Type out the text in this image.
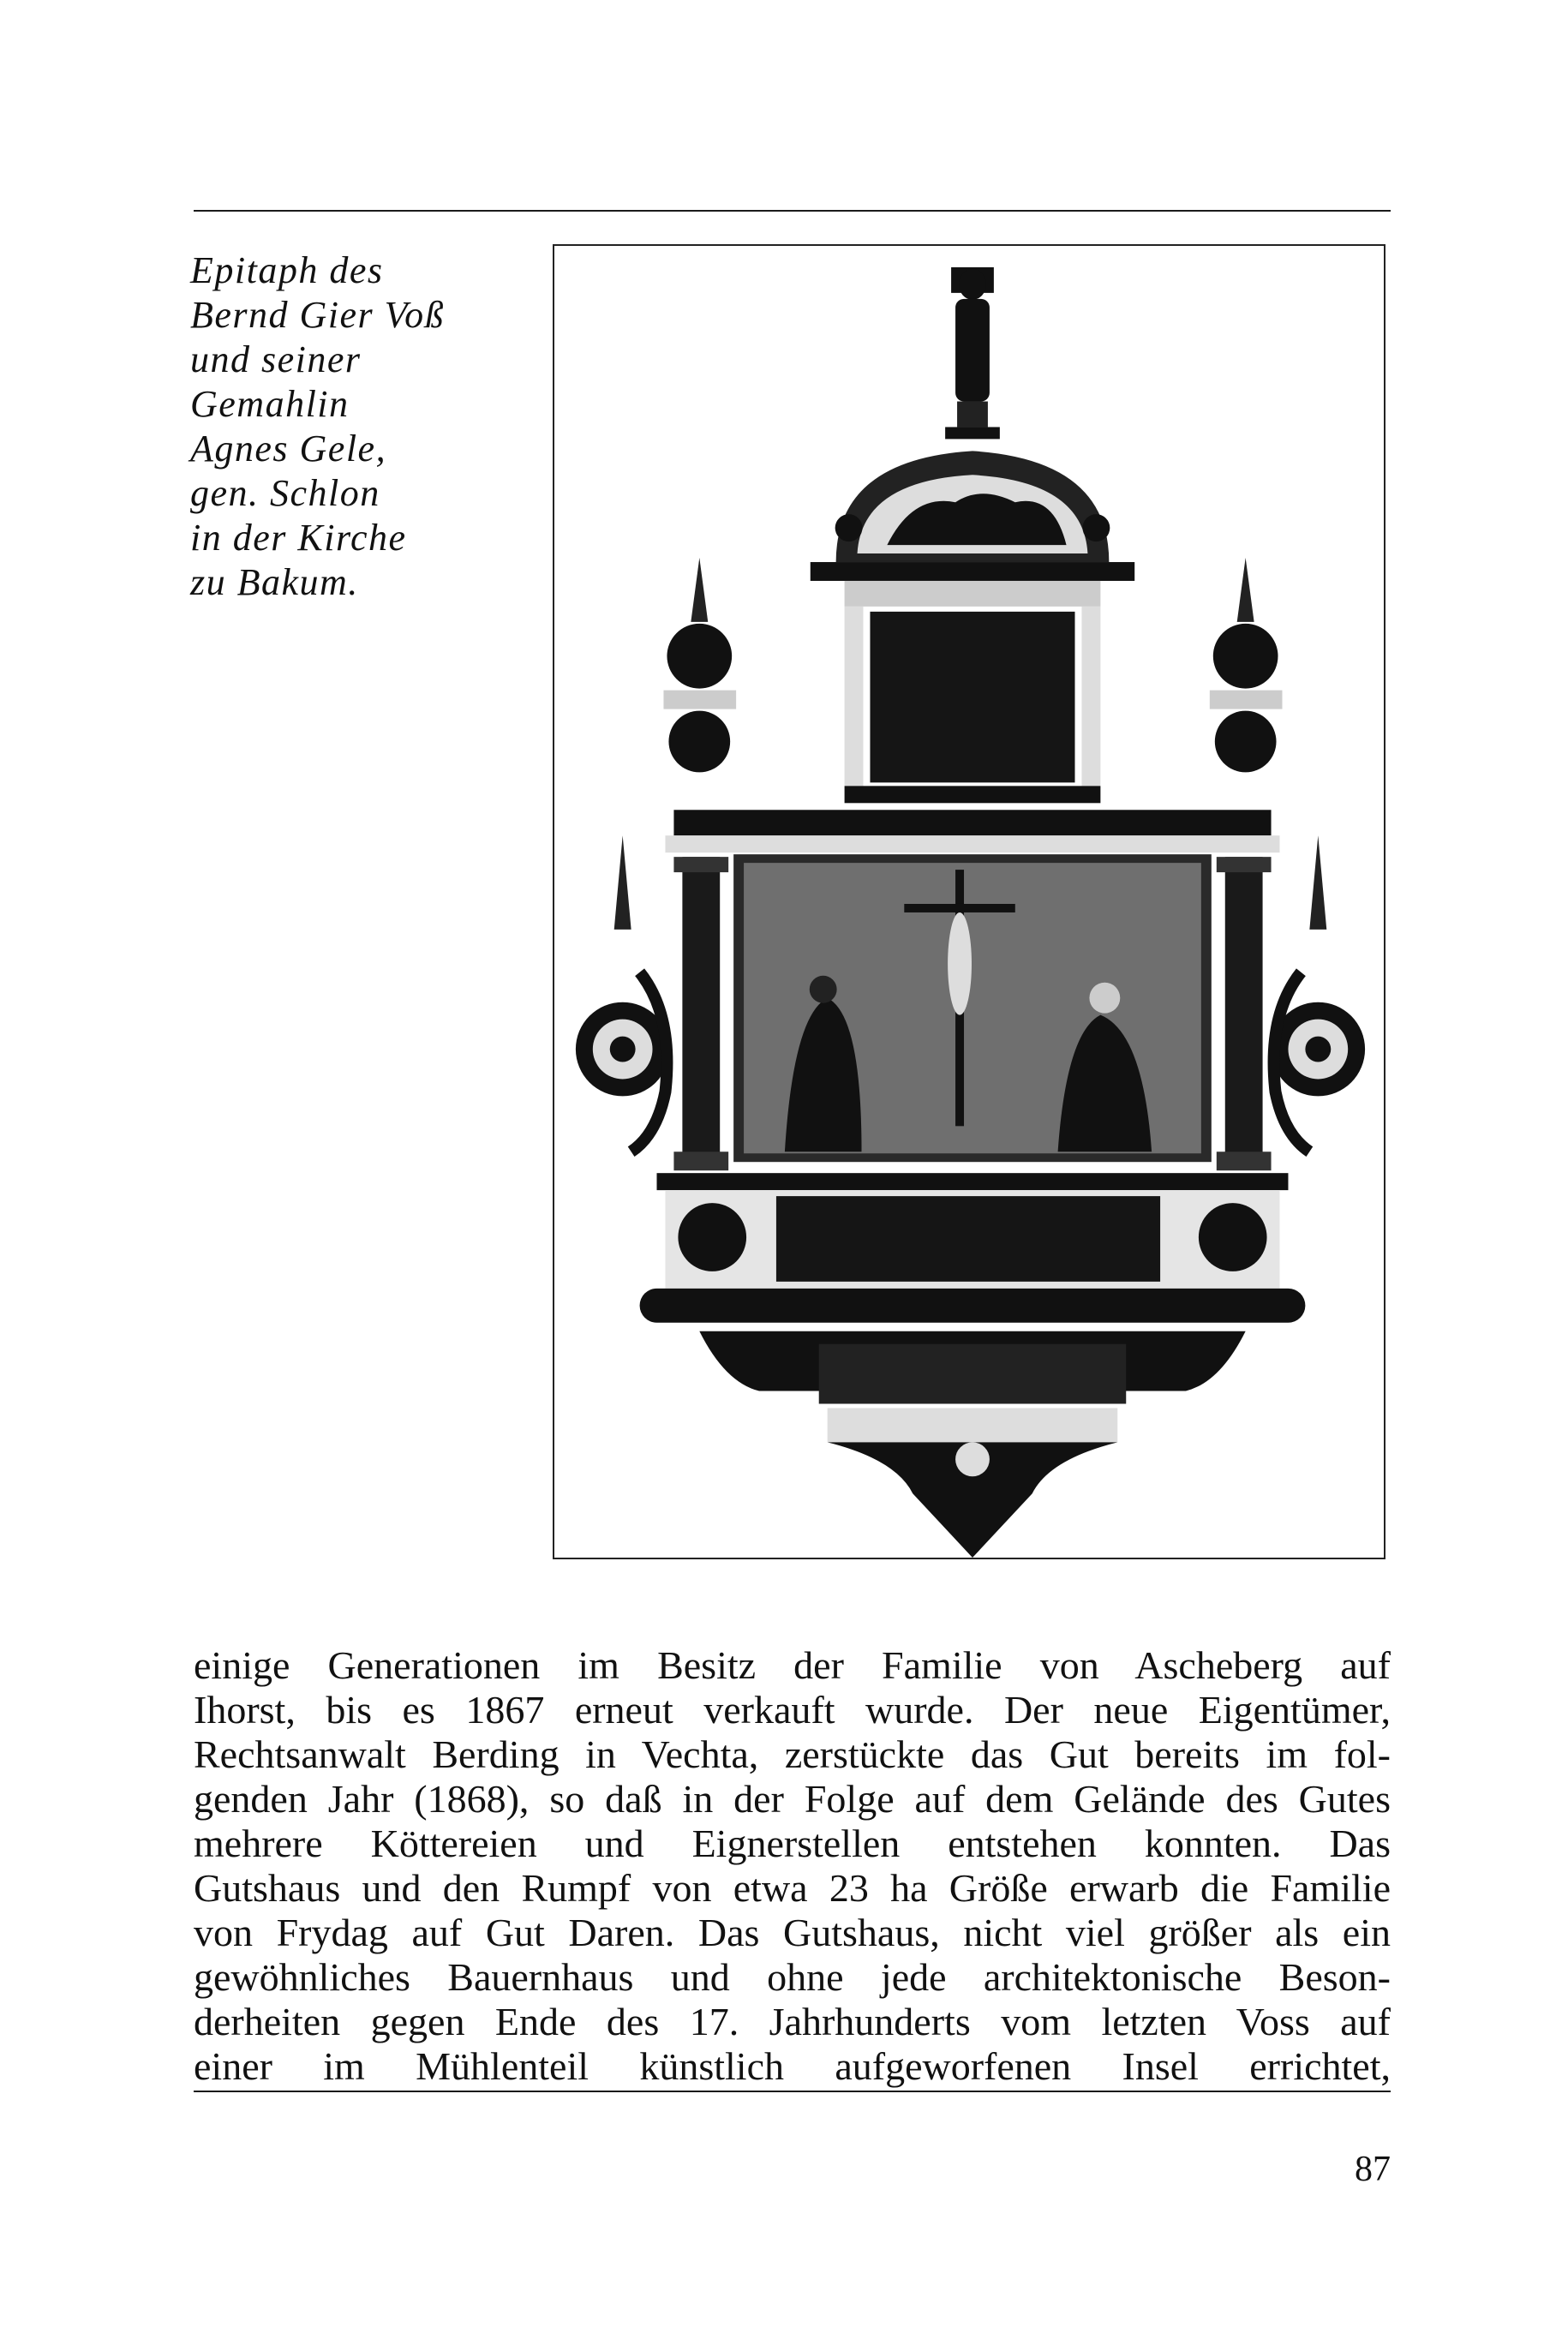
Epitaph des
Bernd Gier Voß
und seiner
Gemahlin
Agnes Gele,
gen. Schlon
in der Kirche
zu Bakum.
einige Generationen im Besitz der Familie von Ascheberg auf
Ihorst, bis es 1867 erneut verkauft wurde. Der neue Eigentümer,
Rechtsanwalt Berding in Vechta, zerstückte das Gut bereits im fol-
genden Jahr (1868), so daß in der Folge auf dem Gelände des Gutes
mehrere Köttereien und Eignerstellen entstehen konnten. Das
Gutshaus und den Rumpf von etwa 23 ha Größe erwarb die Familie
von Frydag auf Gut Daren. Das Gutshaus, nicht viel größer als ein
gewöhnliches Bauernhaus und ohne jede architektonische Beson-
derheiten gegen Ende des 17. Jahrhunderts vom letzten Voss auf
einer im Mühlenteil künstlich aufgeworfenen Insel errichtet,
87
